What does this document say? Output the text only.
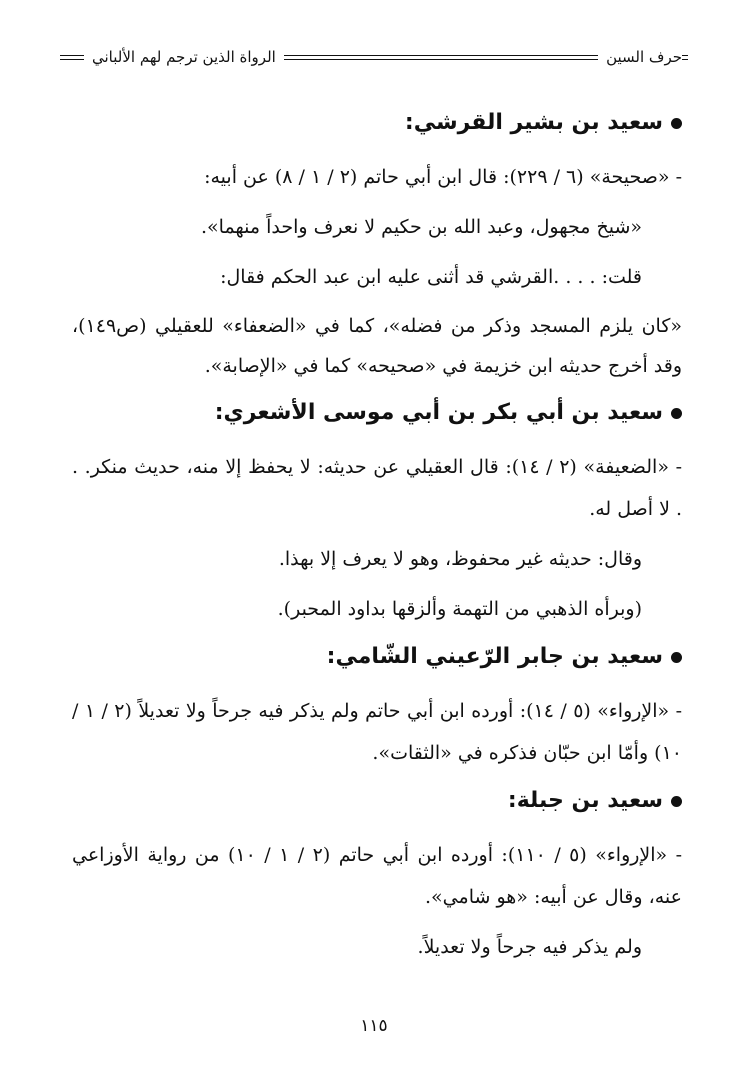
حرف السين
الرواة الذين ترجم لهم الألباني
سعيد بن بشير القرشي:

- «صحيحة» (٦ / ٢٢٩): قال ابن أبي حاتم (٢ / ١ / ٨) عن أبيه:

«شيخ مجهول، وعبد الله بن حكيم لا نعرف واحداً منهما».

قلت: . . . .القرشي قد أثنى عليه ابن عبد الحكم فقال:

«كان يلزم المسجد وذكر من فضله»، كما في «الضعفاء» للعقيلي (ص١٤٩)، وقد أخرج حديثه ابن خزيمة في «صحيحه» كما في «الإصابة».

سعيد بن أبي بكر بن أبي موسى الأشعري:

- «الضعيفة» (٢ / ١٤): قال العقيلي عن حديثه: لا يحفظ إلا منه، حديث منكر. . . لا أصل له.

وقال: حديثه غير محفوظ، وهو لا يعرف إلا بهذا.

(وبرأه الذهبي من التهمة وألزقها بداود المحبر).

سعيد بن جابر الرّعيني الشّامي:

- «الإرواء» (٥ / ١٤): أورده ابن أبي حاتم ولم يذكر فيه جرحاً ولا تعديلاً (٢ / ١ / ١٠) وأمّا ابن حبّان فذكره في «الثقات».

سعيد بن جبلة:

- «الإرواء» (٥ / ١١٠): أورده ابن أبي حاتم (٢ / ١ / ١٠) من رواية الأوزاعي عنه، وقال عن أبيه: «هو شامي».

ولم يذكر فيه جرحاً ولا تعديلاً.

١١٥
